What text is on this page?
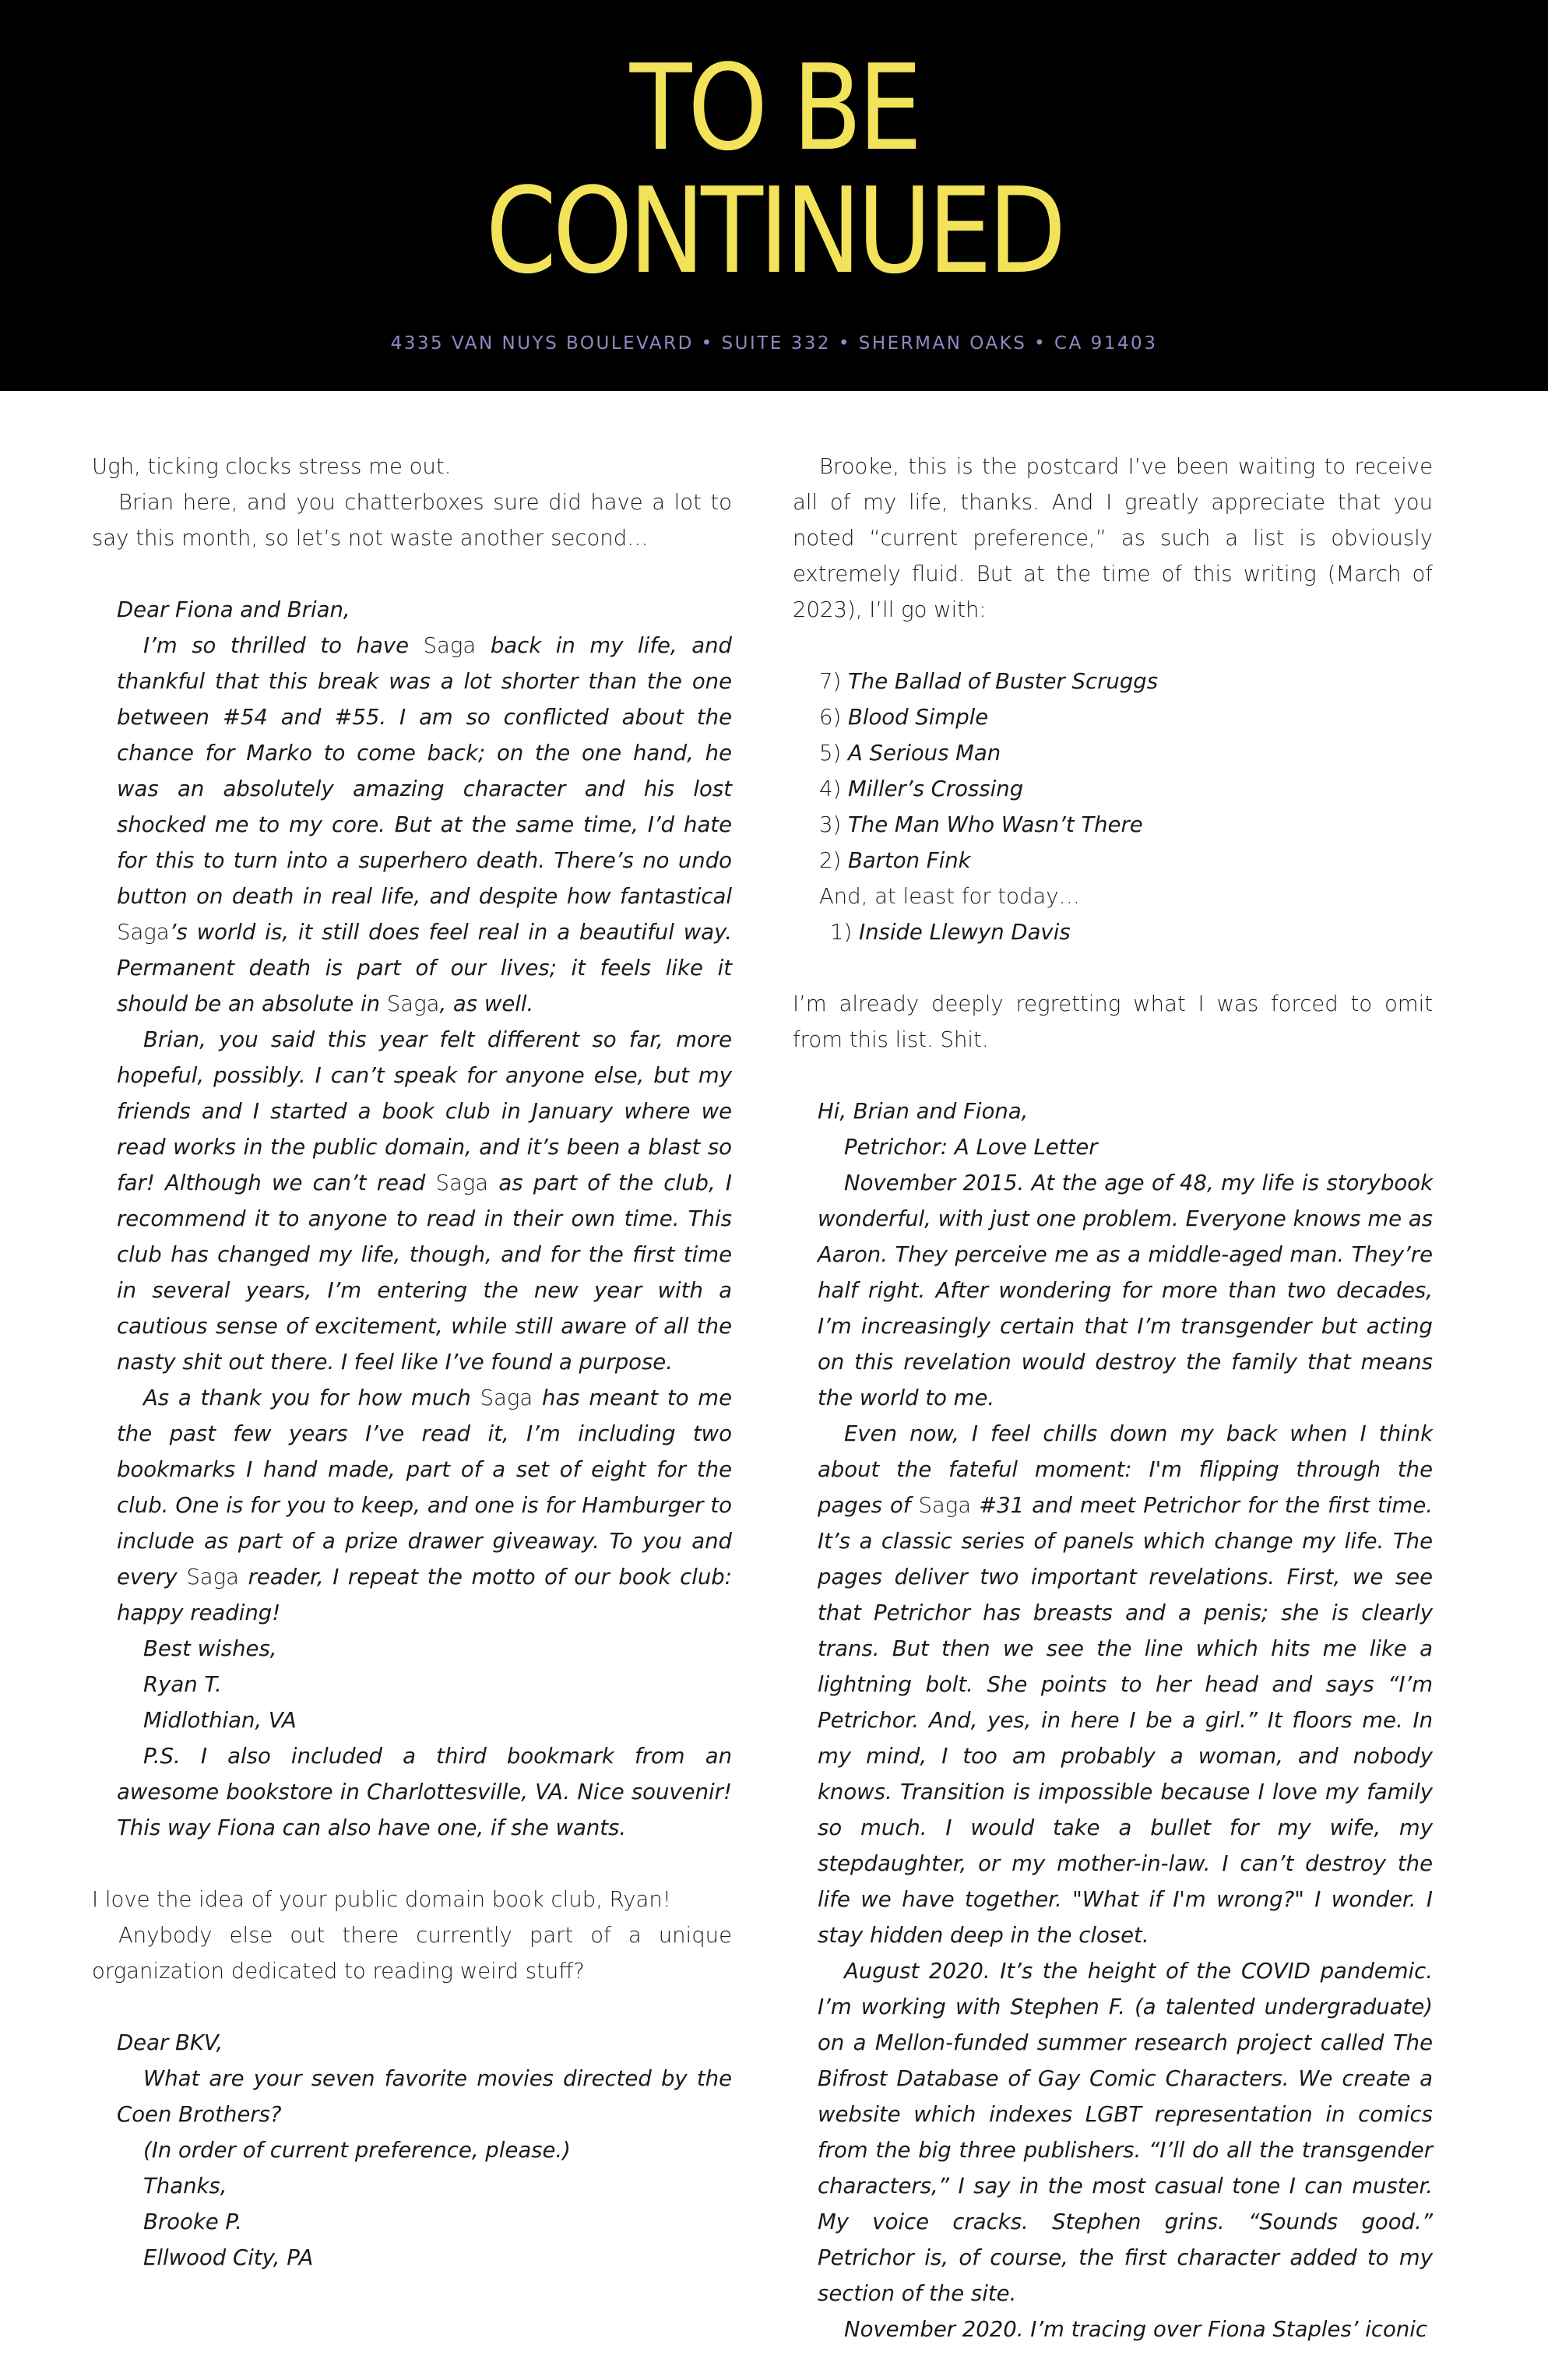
TO BE
CONTINUED
4335 VAN NUYS BOULEVARD • SUITE 332 • SHERMAN OAKS • CA 91403

Ugh, ticking clocks stress me out.

Brian here, and you chatterboxes sure did have a lot to say this month, so let’s not waste another second…

Dear Fiona and Brian,

I’m so thrilled to have Saga back in my life, and thankful that this break was a lot shorter than the one between #54 and #55. I am so conflicted about the chance for Marko to come back; on the one hand, he was an absolutely amazing character and his lost shocked me to my core. But at the same time, I’d hate for this to turn into a superhero death. There’s no undo button on death in real life, and despite how fantastical Saga’s world is, it still does feel real in a beautiful way. Permanent death is part of our lives; it feels like it should be an absolute in Saga, as well.

Brian, you said this year felt different so far, more hopeful, possibly. I can’t speak for anyone else, but my friends and I started a book club in January where we read works in the public domain, and it’s been a blast so far! Although we can’t read Saga as part of the club, I recommend it to anyone to read in their own time. This club has changed my life, though, and for the first time in several years, I’m entering the new year with a cautious sense of excitement, while still aware of all the nasty shit out there. I feel like I’ve found a purpose.

As a thank you for how much Saga has meant to me the past few years I’ve read it, I’m including two bookmarks I hand made, part of a set of eight for the club. One is for you to keep, and one is for Hamburger to include as part of a prize drawer giveaway. To you and every Saga reader, I repeat the motto of our book club: happy reading!

Best wishes,

Ryan T.

Midlothian, VA

P.S. I also included a third bookmark from an awesome bookstore in Charlottesville, VA. Nice souvenir! This way Fiona can also have one, if she wants.

I love the idea of your public domain book club, Ryan!

Anybody else out there currently part of a unique organization dedicated to reading weird stuff?

Dear BKV,

What are your seven favorite movies directed by the Coen Brothers?

(In order of current preference, please.)

Thanks,

Brooke P.

Ellwood City, PA

Brooke, this is the postcard I’ve been waiting to receive all of my life, thanks. And I greatly appreciate that you noted “current preference,” as such a list is obviously extremely fluid. But at the time of this writing (March of 2023), I’ll go with:

7) The Ballad of Buster Scruggs

6) Blood Simple

5) A Serious Man

4) Miller’s Crossing

3) The Man Who Wasn’t There

2) Barton Fink

And, at least for today…

1) Inside Llewyn Davis

I’m already deeply regretting what I was forced to omit from this list. Shit.

Hi, Brian and Fiona,

Petrichor: A Love Letter

November 2015. At the age of 48, my life is storybook wonderful, with just one problem. Everyone knows me as Aaron. They perceive me as a middle-aged man. They’re half right. After wondering for more than two decades, I’m increasingly certain that I’m transgender but acting on this revelation would destroy the family that means the world to me.

Even now, I feel chills down my back when I think about the fateful moment: I'm flipping through the pages of Saga #31 and meet Petrichor for the first time. It’s a classic series of panels which change my life. The pages deliver two important revelations. First, we see that Petrichor has breasts and a penis; she is clearly trans. But then we see the line which hits me like a lightning bolt. She points to her head and says “I’m Petrichor. And, yes, in here I be a girl.” It floors me. In my mind, I too am probably a woman, and nobody knows. Transition is impossible because I love my family so much. I would take a bullet for my wife, my stepdaughter, or my mother-in-law. I can’t destroy the life we have together. "What if I'm wrong?" I wonder. I stay hidden deep in the closet.

August 2020. It’s the height of the COVID pandemic. I’m working with Stephen F. (a talented undergraduate) on a Mellon-funded summer research project called The Bifrost Database of Gay Comic Characters. We create a website which indexes LGBT representation in comics from the big three publishers. “I’ll do all the transgender characters,” I say in the most casual tone I can muster. My voice cracks. Stephen grins. “Sounds good.” Petrichor is, of course, the first character added to my section of the site.

November 2020. I’m tracing over Fiona Staples’ iconic
